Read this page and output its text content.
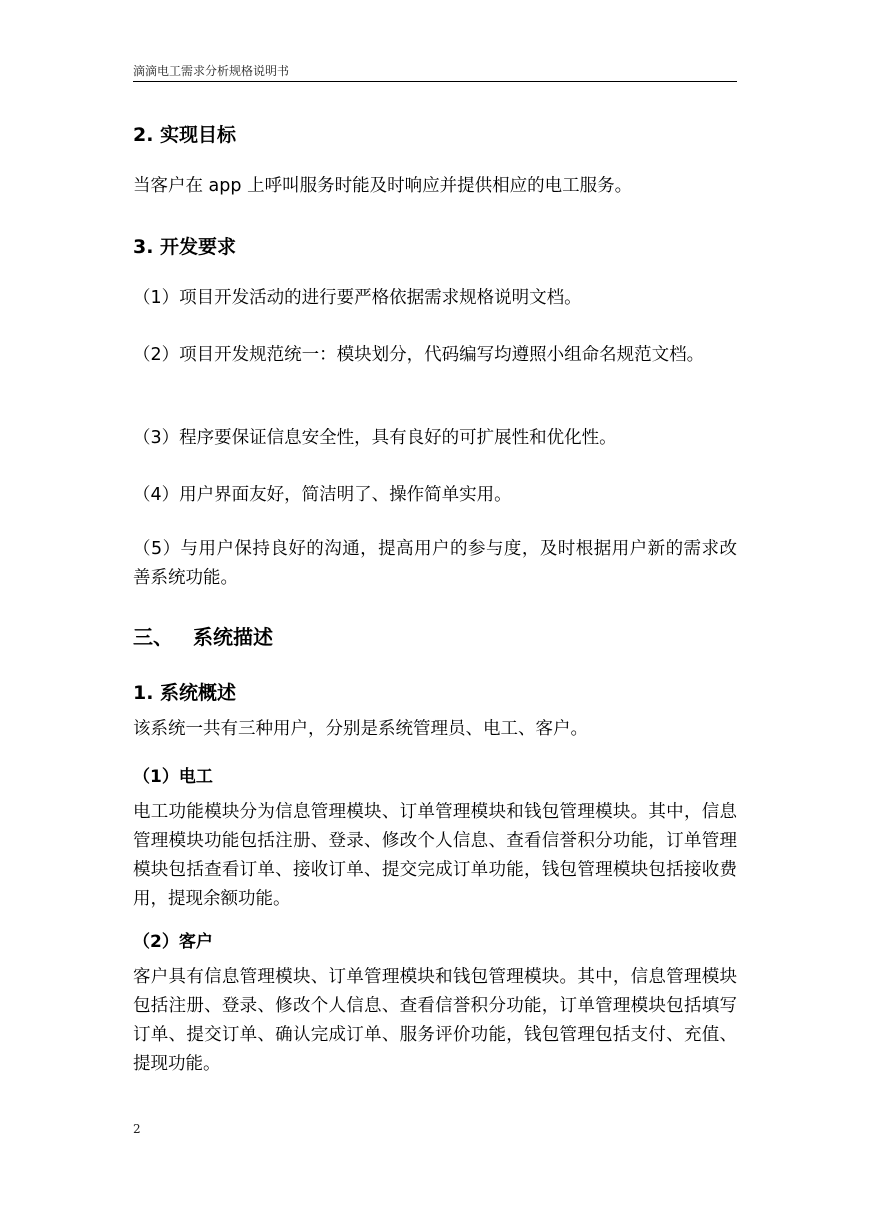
滴滴电工需求分析规格说明书
2. 实现目标
当客户在 app 上呼叫服务时能及时响应并提供相应的电工服务。
3. 开发要求
（1）项目开发活动的进行要严格依据需求规格说明文档。
（2）项目开发规范统一：模块划分，代码编写均遵照小组命名规范文档。
（3）程序要保证信息安全性，具有良好的可扩展性和优化性。
（4）用户界面友好，简洁明了、操作简单实用。
（5）与用户保持良好的沟通，提高用户的参与度，及时根据用户新的需求改善系统功能。
三、 系统描述
1. 系统概述
该系统一共有三种用户，分别是系统管理员、电工、客户。
（1）电工
电工功能模块分为信息管理模块、订单管理模块和钱包管理模块。其中，信息管理模块功能包括注册、登录、修改个人信息、查看信誉积分功能，订单管理模块包括查看订单、接收订单、提交完成订单功能，钱包管理模块包括接收费用，提现余额功能。
（2）客户
客户具有信息管理模块、订单管理模块和钱包管理模块。其中，信息管理模块包括注册、登录、修改个人信息、查看信誉积分功能，订单管理模块包括填写订单、提交订单、确认完成订单、服务评价功能，钱包管理包括支付、充值、提现功能。
2
